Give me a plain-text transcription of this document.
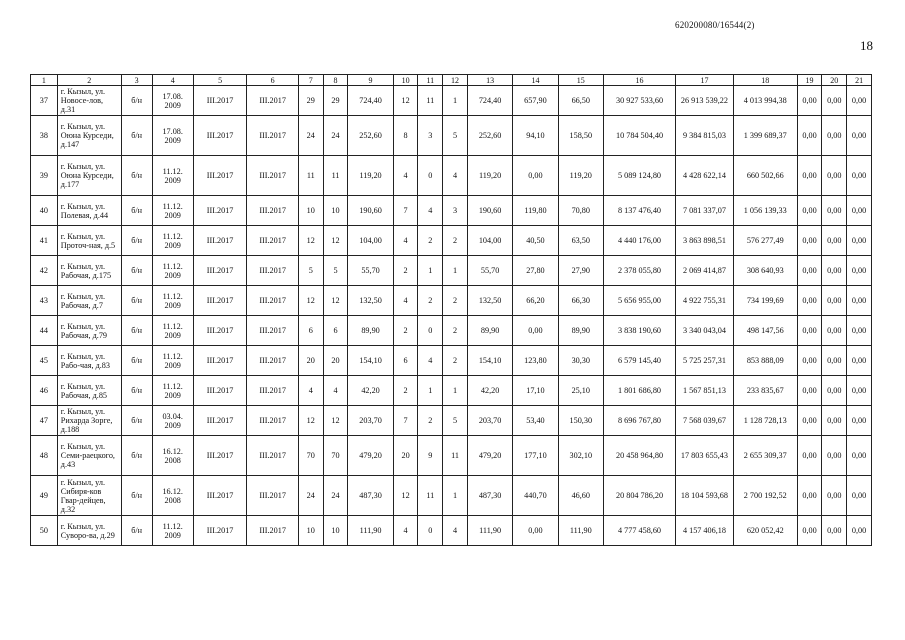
620200080/16544(2)
18
1	2	3	4	5	6	7	8	9	10	11	12	13	14	15	16	17	18	19	20	21
37	г. Кызыл, ул. Новосе-лов, д.31	б/н	17.08. 2009	III.2017	III.2017	29	29	724,40	12	11	1	724,40	657,90	66,50	30 927 533,60	26 913 539,22	4 013 994,38	0,00	0,00	0,00
38	г. Кызыл, ул. Оюна Курседи, д.147	б/н	17.08. 2009	III.2017	III.2017	24	24	252,60	8	3	5	252,60	94,10	158,50	10 784 504,40	9 384 815,03	1 399 689,37	0,00	0,00	0,00
39	г. Кызыл, ул. Оюна Курседи, д.177	б/н	11.12. 2009	III.2017	III.2017	11	11	119,20	4	0	4	119,20	0,00	119,20	5 089 124,80	4 428 622,14	660 502,66	0,00	0,00	0,00
40	г. Кызыл, ул. Полевая, д.44	б/н	11.12. 2009	III.2017	III.2017	10	10	190,60	7	4	3	190,60	119,80	70,80	8 137 476,40	7 081 337,07	1 056 139,33	0,00	0,00	0,00
41	г. Кызыл, ул. Проточ-ная, д.5	б/н	11.12. 2009	III.2017	III.2017	12	12	104,00	4	2	2	104,00	40,50	63,50	4 440 176,00	3 863 898,51	576 277,49	0,00	0,00	0,00
42	г. Кызыл, ул. Рабочая, д.175	б/н	11.12. 2009	III.2017	III.2017	5	5	55,70	2	1	1	55,70	27,80	27,90	2 378 055,80	2 069 414,87	308 640,93	0,00	0,00	0,00
43	г. Кызыл, ул. Рабочая, д.7	б/н	11.12. 2009	III.2017	III.2017	12	12	132,50	4	2	2	132,50	66,20	66,30	5 656 955,00	4 922 755,31	734 199,69	0,00	0,00	0,00
44	г. Кызыл, ул. Рабочая, д.79	б/н	11.12. 2009	III.2017	III.2017	6	6	89,90	2	0	2	89,90	0,00	89,90	3 838 190,60	3 340 043,04	498 147,56	0,00	0,00	0,00
45	г. Кызыл, ул. Рабо-чая, д.83	б/н	11.12. 2009	III.2017	III.2017	20	20	154,10	6	4	2	154,10	123,80	30,30	6 579 145,40	5 725 257,31	853 888,09	0,00	0,00	0,00
46	г. Кызыл, ул. Рабочая, д.85	б/н	11.12. 2009	III.2017	III.2017	4	4	42,20	2	1	1	42,20	17,10	25,10	1 801 686,80	1 567 851,13	233 835,67	0,00	0,00	0,00
47	г. Кызыл, ул. Рихарда Зорге, д.188	б/н	03.04. 2009	III.2017	III.2017	12	12	203,70	7	2	5	203,70	53,40	150,30	8 696 767,80	7 568 039,67	1 128 728,13	0,00	0,00	0,00
48	г. Кызыл, ул. Семи-раецкого, д.43	б/н	16.12. 2008	III.2017	III.2017	70	70	479,20	20	9	11	479,20	177,10	302,10	20 458 964,80	17 803 655,43	2 655 309,37	0,00	0,00	0,00
49	г. Кызыл, ул. Сибиря-ков Гвар-дейцев, д.32	б/н	16.12. 2008	III.2017	III.2017	24	24	487,30	12	11	1	487,30	440,70	46,60	20 804 786,20	18 104 593,68	2 700 192,52	0,00	0,00	0,00
50	г. Кызыл, ул. Суворо-ва, д.29	б/н	11.12. 2009	III.2017	III.2017	10	10	111,90	4	0	4	111,90	0,00	111,90	4 777 458,60	4 157 406,18	620 052,42	0,00	0,00	0,00
